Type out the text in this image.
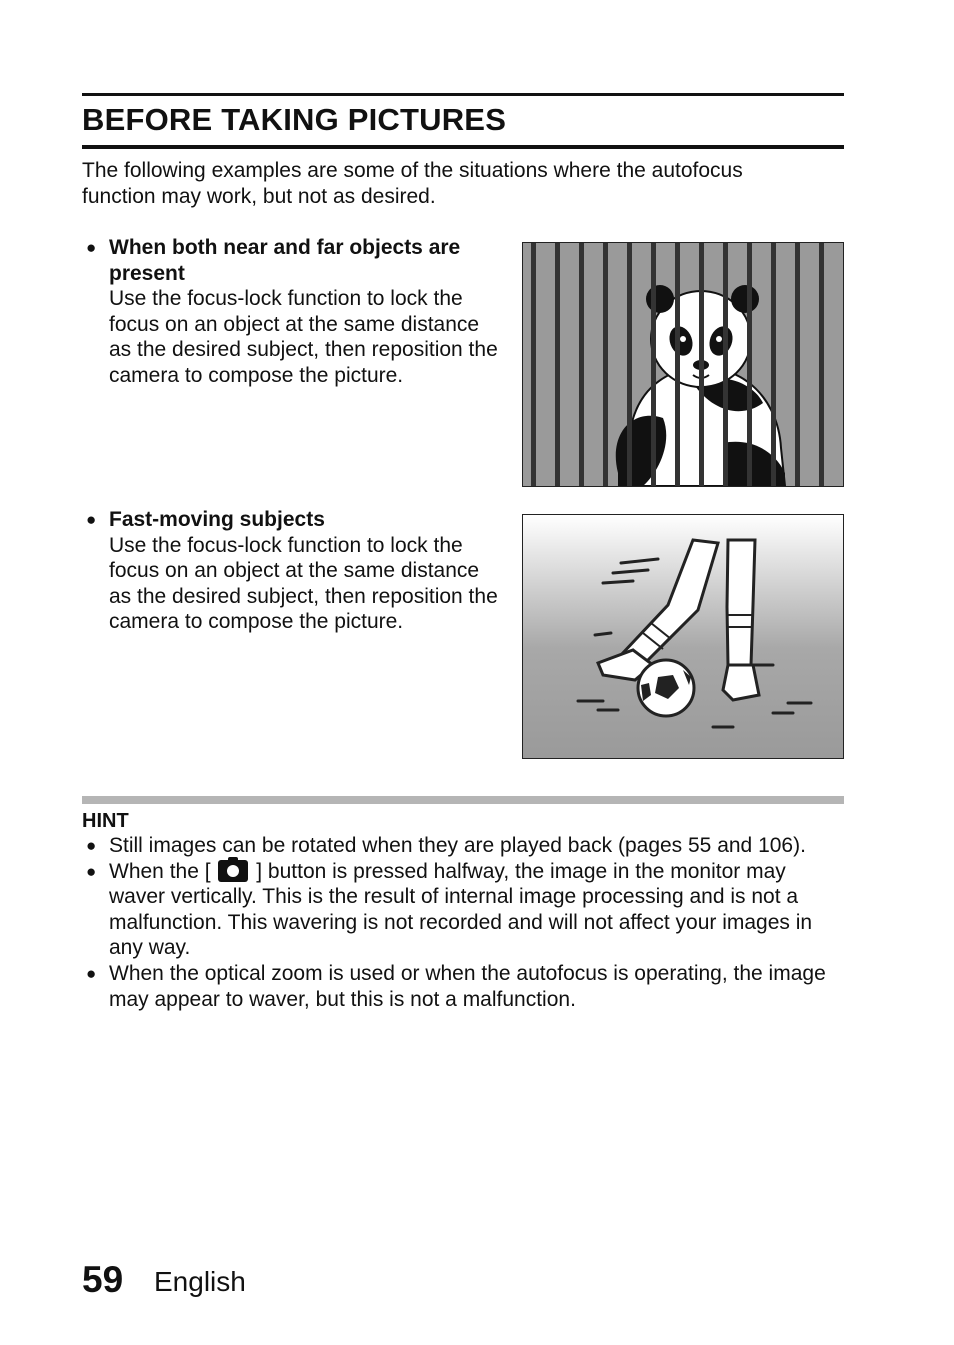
BEFORE TAKING PICTURES

The following examples are some of the situations where the autofocus function may work, but not as desired.

● When both near and far objects are present
Use the focus-lock function to lock the focus on an object at the same distance as the desired subject, then reposition the camera to compose the picture.
● Fast-moving subjects
Use the focus-lock function to lock the focus on an object at the same distance as the desired subject, then reposition the camera to compose the picture.
HINT
● Still images can be rotated when they are played back (pages 55 and 106).
● When the [ ] button is pressed halfway, the image in the monitor may waver vertically. This is the result of internal image processing and is not a malfunction. This wavering is not recorded and will not affect your images in any way.
● When the optical zoom is used or when the autofocus is operating, the image may appear to waver, but this is not a malfunction.
59 English
